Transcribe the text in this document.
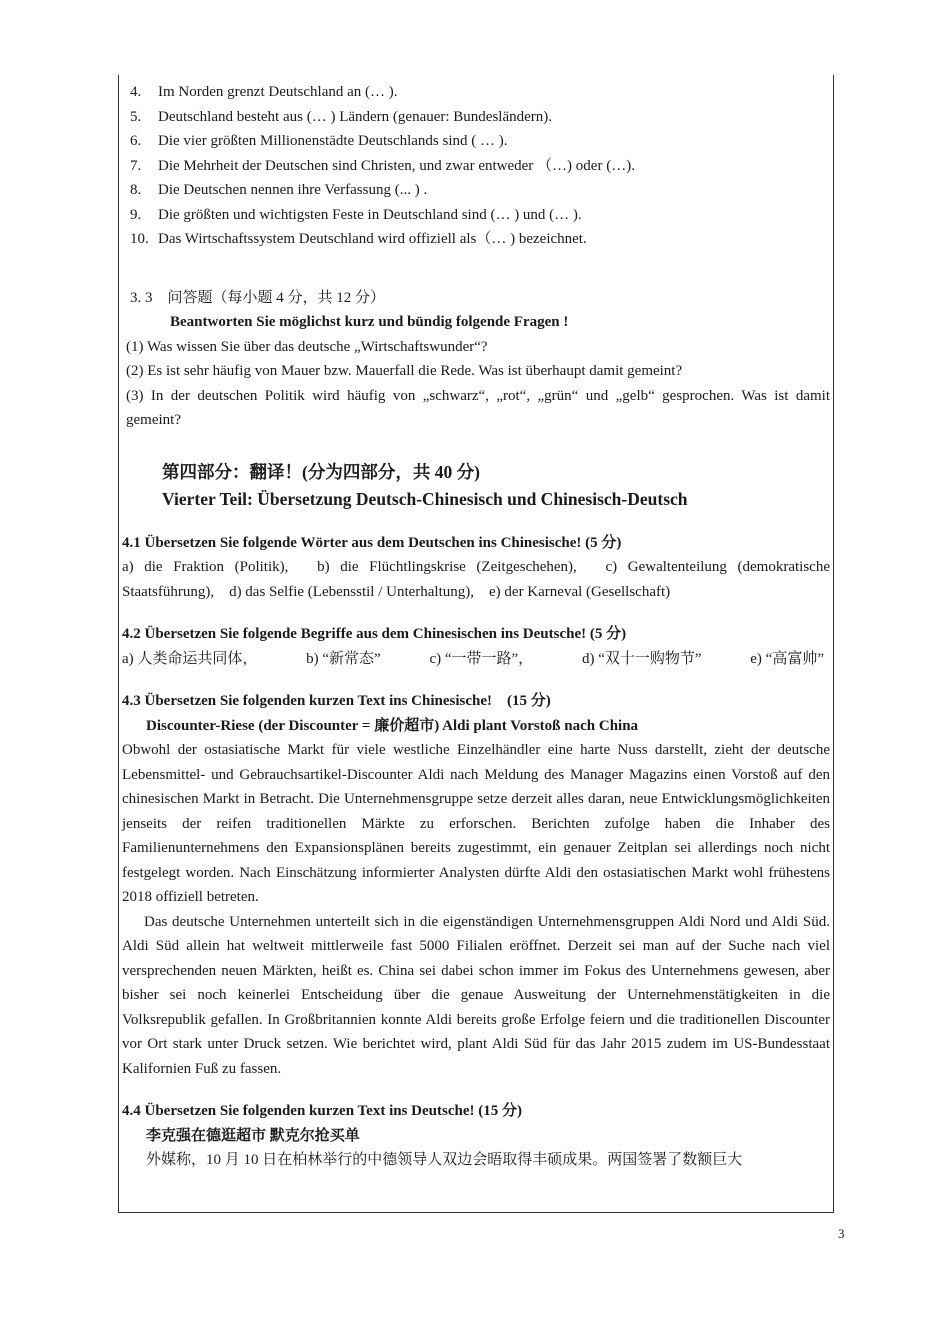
4.	Im Norden grenzt Deutschland an (… ).
5.	Deutschland besteht aus (… ) Ländern (genauer: Bundesländern).
6.	Die vier größten Millionenstädte Deutschlands sind ( … ).
7.	Die Mehrheit der Deutschen sind Christen, und zwar entweder （…) oder (…).
8.	Die Deutschen nennen ihre Verfassung (... ) .
9.	Die größten und wichtigsten Feste in Deutschland sind (… ) und (… ).
10. Das Wirtschaftssystem Deutschland wird offiziell als（… ) bezeichnet.
3. 3　问答题（每小题 4 分，共 12 分）
Beantworten Sie möglichst kurz und bündig folgende Fragen !
(1) Was wissen Sie über das deutsche „Wirtschaftswunder“?
(2) Es ist sehr häufig von Mauer bzw. Mauerfall die Rede. Was ist überhaupt damit gemeint?
(3) In der deutschen Politik wird häufig von „schwarz“, „rot“, „grün“ und „gelb“ gesprochen. Was ist damit gemeint?
第四部分：翻译！(分为四部分，共 40 分)
Vierter Teil: Übersetzung Deutsch-Chinesisch und Chinesisch-Deutsch
4.1 Übersetzen Sie folgende Wörter aus dem Deutschen ins Chinesische! (5 分)
a) die Fraktion (Politik),　b) die Flüchtlingskrise (Zeitgeschehen),　c) Gewaltenteilung (demokratische Staatsführung),　d) das Selfie (Lebensstil / Unterhaltung),　e) der Karneval (Gesellschaft)
4.2 Übersetzen Sie folgende Begriffe aus dem Chinesischen ins Deutsche! (5 分)
a) 人类命运共同体，	b) “新常态”	c) “一带一路”，	d) “双十一购物节”	e) “高富帅”
4.3 Übersetzen Sie folgenden kurzen Text ins Chinesische!　(15 分)
Discounter-Riese (der Discounter = 廉价超市) Aldi plant Vorstoß nach China
Obwohl der ostasiatische Markt für viele westliche Einzelhändler eine harte Nuss darstellt, zieht der deutsche Lebensmittel- und Gebrauchsartikel-Discounter Aldi nach Meldung des Manager Magazins einen Vorstoß auf den chinesischen Markt in Betracht. Die Unternehmensgruppe setze derzeit alles daran, neue Entwicklungsmöglichkeiten jenseits der reifen traditionellen Märkte zu erforschen. Berichten zufolge haben die Inhaber des Familienunternehmens den Expansionsplänen bereits zugestimmt, ein genauer Zeitplan sei allerdings noch nicht festgelegt worden. Nach Einschätzung informierter Analysten dürfte Aldi den ostasiatischen Markt wohl frühestens 2018 offiziell betreten.
Das deutsche Unternehmen unterteilt sich in die eigenständigen Unternehmensgruppen Aldi Nord und Aldi Süd. Aldi Süd allein hat weltweit mittlerweile fast 5000 Filialen eröffnet. Derzeit sei man auf der Suche nach viel versprechenden neuen Märkten, heißt es. China sei dabei schon immer im Fokus des Unternehmens gewesen, aber bisher sei noch keinerlei Entscheidung über die genaue Ausweitung der Unternehmenstätigkeiten in die Volksrepublik gefallen. In Großbritannien konnte Aldi bereits große Erfolge feiern und die traditionellen Discounter vor Ort stark unter Druck setzen. Wie berichtet wird, plant Aldi Süd für das Jahr 2015 zudem im US-Bundesstaat Kalifornien Fuß zu fassen.
4.4 Übersetzen Sie folgenden kurzen Text ins Deutsche! (15 分)
李克强在德逛超市 默克尔抢买单
外媒称，10 月 10 日在柏林举行的中德领导人双边会晤取得丰硕成果。两国签署了数额巨大
3
